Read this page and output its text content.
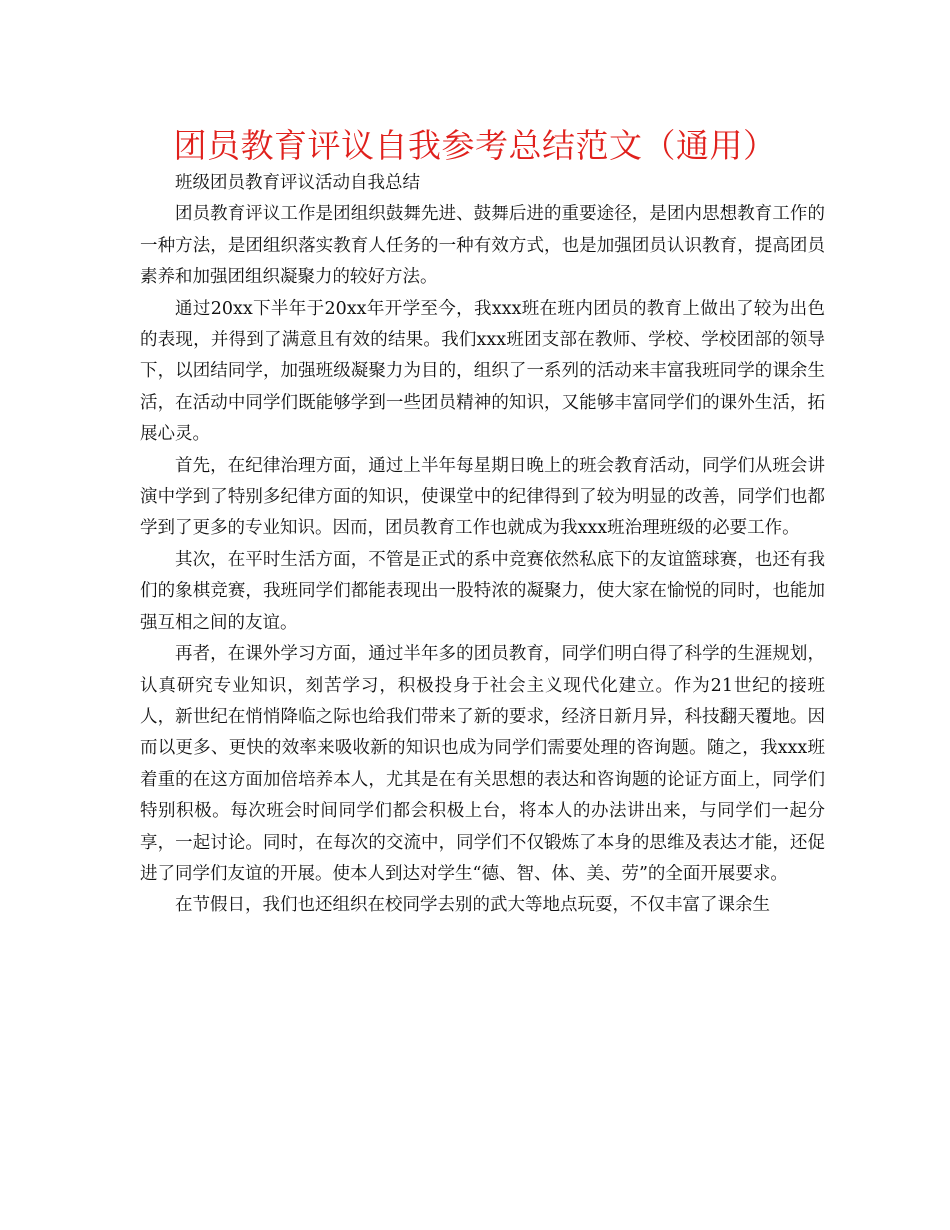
团员教育评议自我参考总结范文（通用）

班级团员教育评议活动自我总结

团员教育评议工作是团组织鼓舞先进、鼓舞后进的重要途径，是团内思想教育工作的一种方法，是团组织落实教育人任务的一种有效方式，也是加强团员认识教育，提高团员素养和加强团组织凝聚力的较好方法。

通过20xx下半年于20xx年开学至今，我xxx班在班内团员的教育上做出了较为出色的表现，并得到了满意且有效的结果。我们xxx班团支部在教师、学校、学校团部的领导下，以团结同学，加强班级凝聚力为目的，组织了一系列的活动来丰富我班同学的课余生活，在活动中同学们既能够学到一些团员精神的知识，又能够丰富同学们的课外生活，拓展心灵。

首先，在纪律治理方面，通过上半年每星期日晚上的班会教育活动，同学们从班会讲演中学到了特别多纪律方面的知识，使课堂中的纪律得到了较为明显的改善，同学们也都学到了更多的专业知识。因而，团员教育工作也就成为我xxx班治理班级的必要工作。

其次，在平时生活方面，不管是正式的系中竞赛依然私底下的友谊篮球赛，也还有我们的象棋竞赛，我班同学们都能表现出一股特浓的凝聚力，使大家在愉悦的同时，也能加强互相之间的友谊。

再者，在课外学习方面，通过半年多的团员教育，同学们明白得了科学的生涯规划，认真研究专业知识，刻苦学习，积极投身于社会主义现代化建立。作为21世纪的接班人，新世纪在悄悄降临之际也给我们带来了新的要求，经济日新月异，科技翻天覆地。因而以更多、更快的效率来吸收新的知识也成为同学们需要处理的咨询题。随之，我xxx班着重的在这方面加倍培养本人，尤其是在有关思想的表达和咨询题的论证方面上，同学们特别积极。每次班会时间同学们都会积极上台，将本人的办法讲出来，与同学们一起分享，一起讨论。同时，在每次的交流中，同学们不仅锻炼了本身的思维及表达才能，还促进了同学们友谊的开展。使本人到达对学生“德、智、体、美、劳”的全面开展要求。

在节假日，我们也还组织在校同学去别的武大等地点玩耍，不仅丰富了课余生
